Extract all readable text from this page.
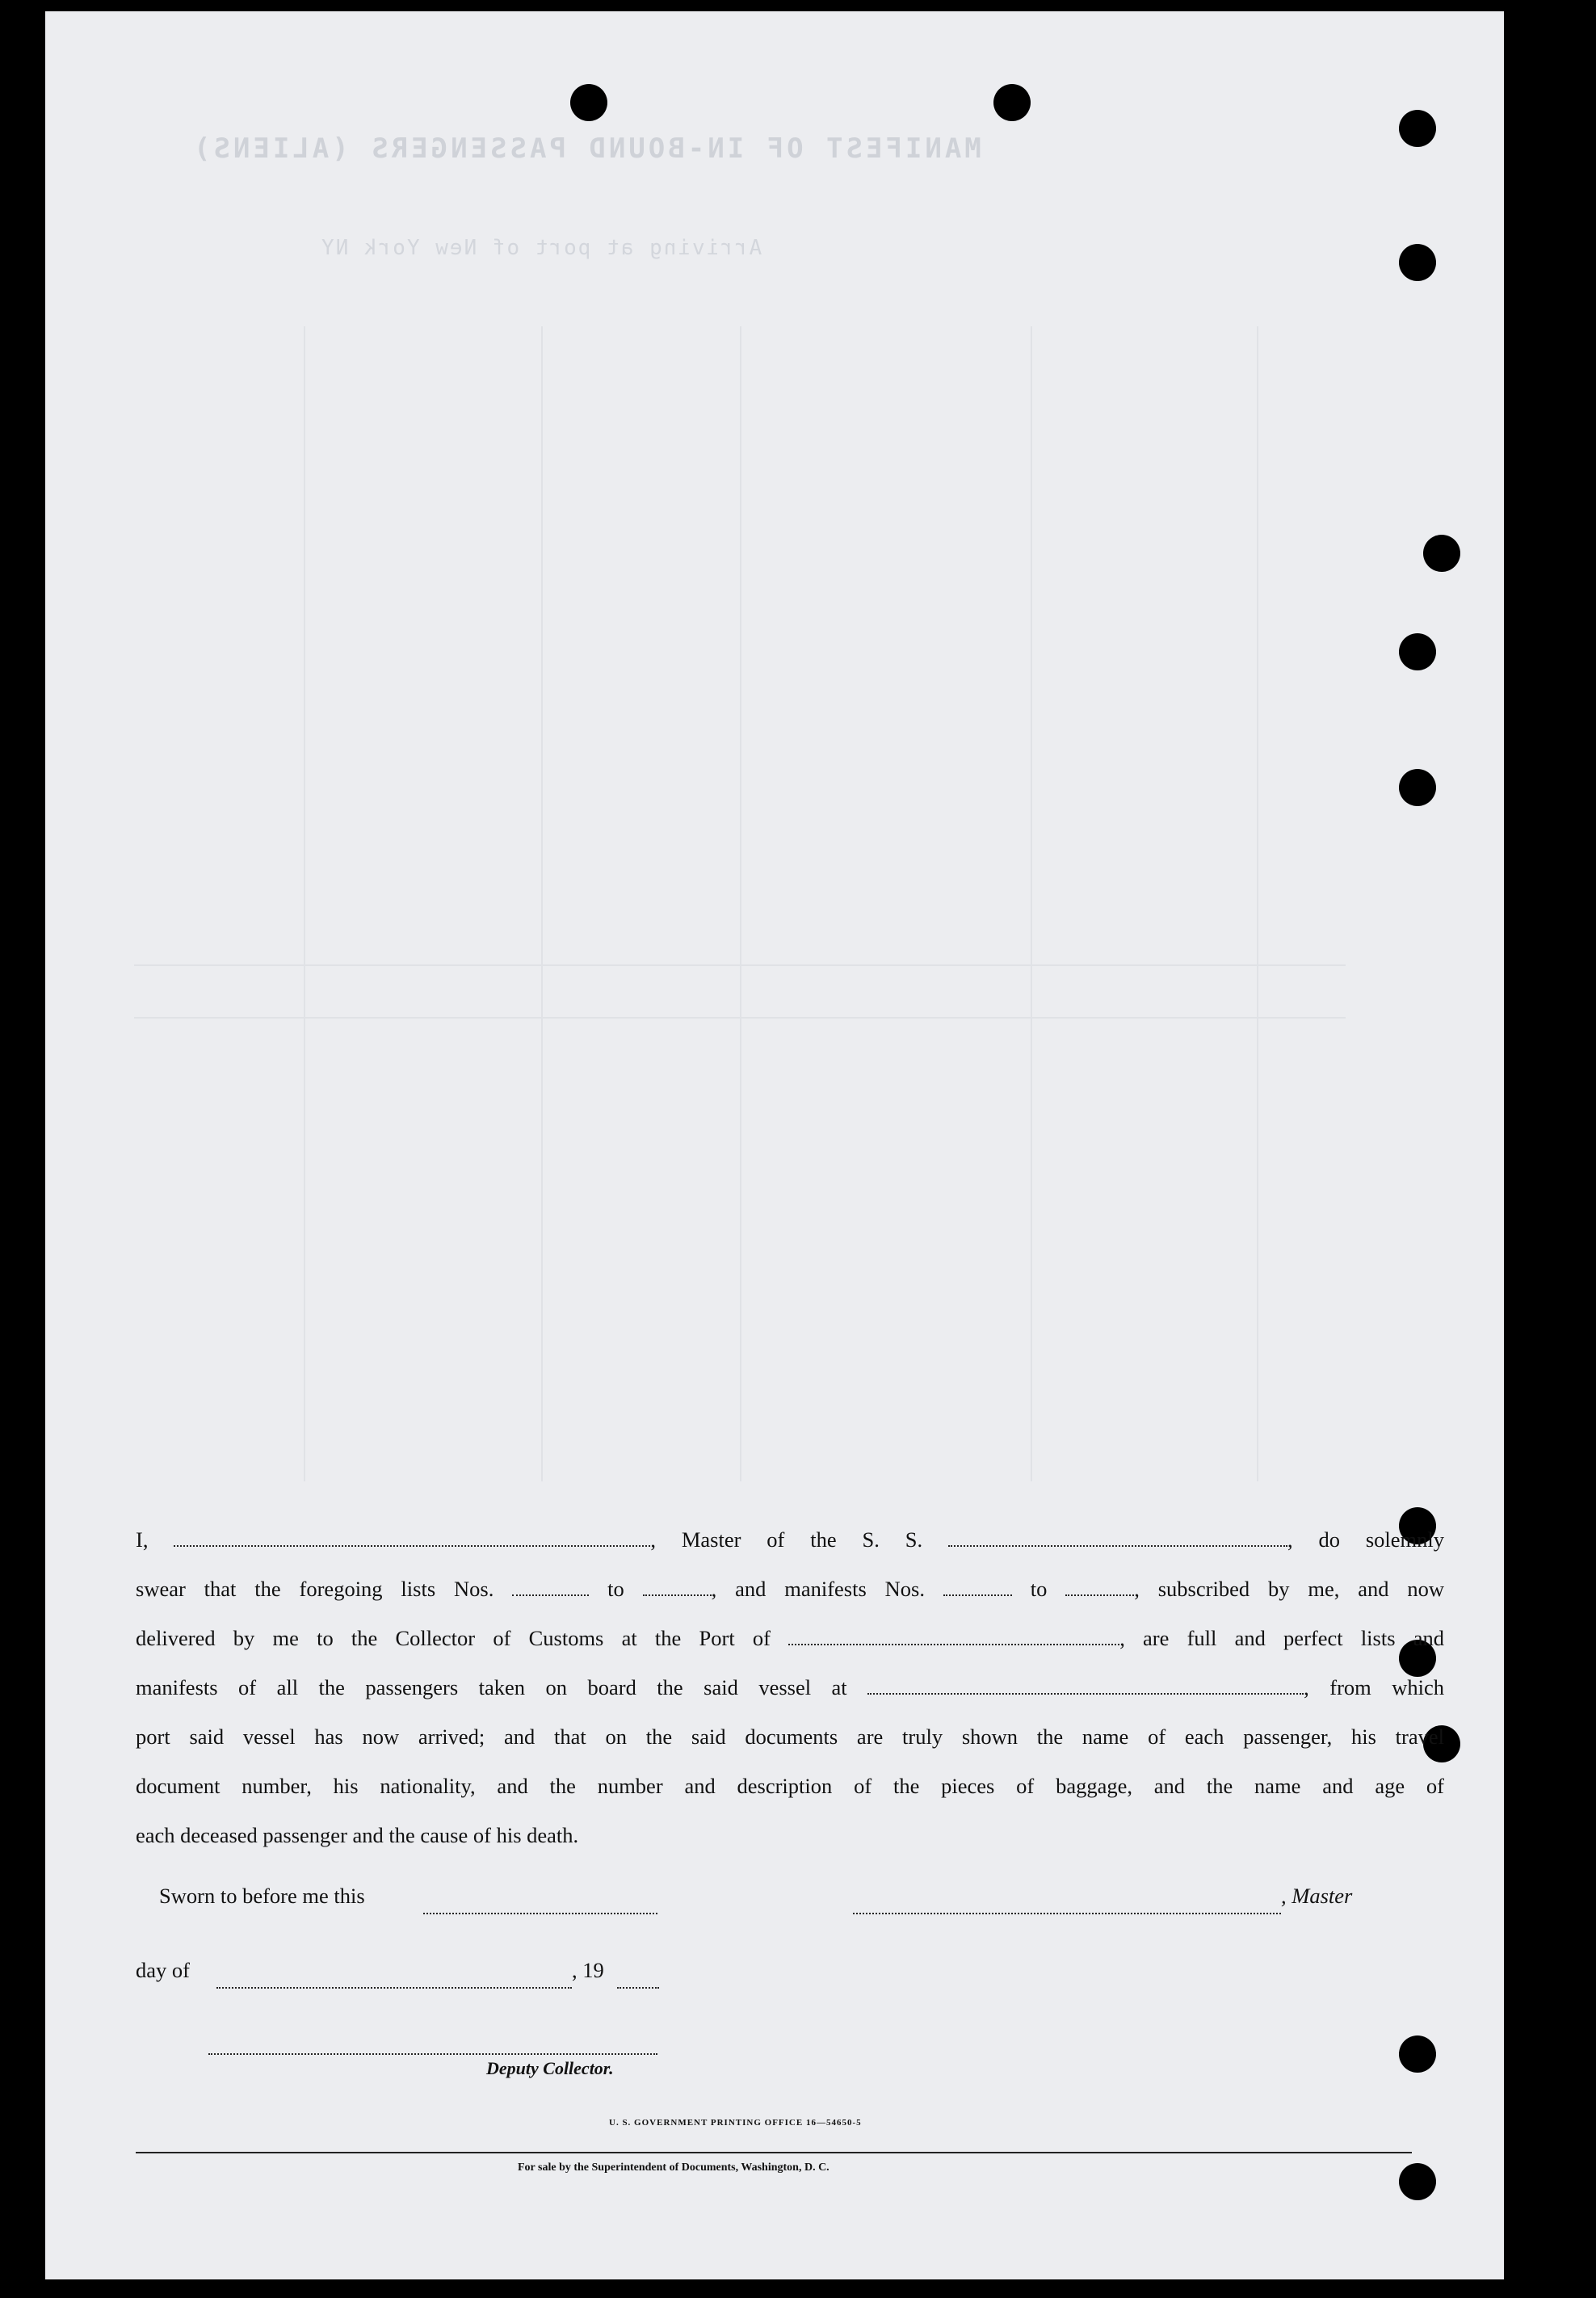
MANIFEST OF IN-BOUND PASSENGERS (ALIENS)
Arriving at port of New York NY

I,	, Master of the S. S.	, do solemnly

swear that the foregoing lists Nos.	to	, and manifests Nos.	to	, subscribed by me, and now

delivered by me to the Collector of Customs at the Port of	, are full and perfect lists and

manifests of all the passengers taken on board the said vessel at	, from which

port said vessel has now arrived; and that on the said documents are truly shown the name of each passenger, his travel

document number, his nationality, and the number and description of the pieces of baggage, and the name and age of

each deceased passenger and the cause of his death.

Sworn to before me this	, Master
day of	, 19
Deputy Collector.
U. S. GOVERNMENT PRINTING OFFICE 16—54650-5
For sale by the Superintendent of Documents, Washington, D. C.
